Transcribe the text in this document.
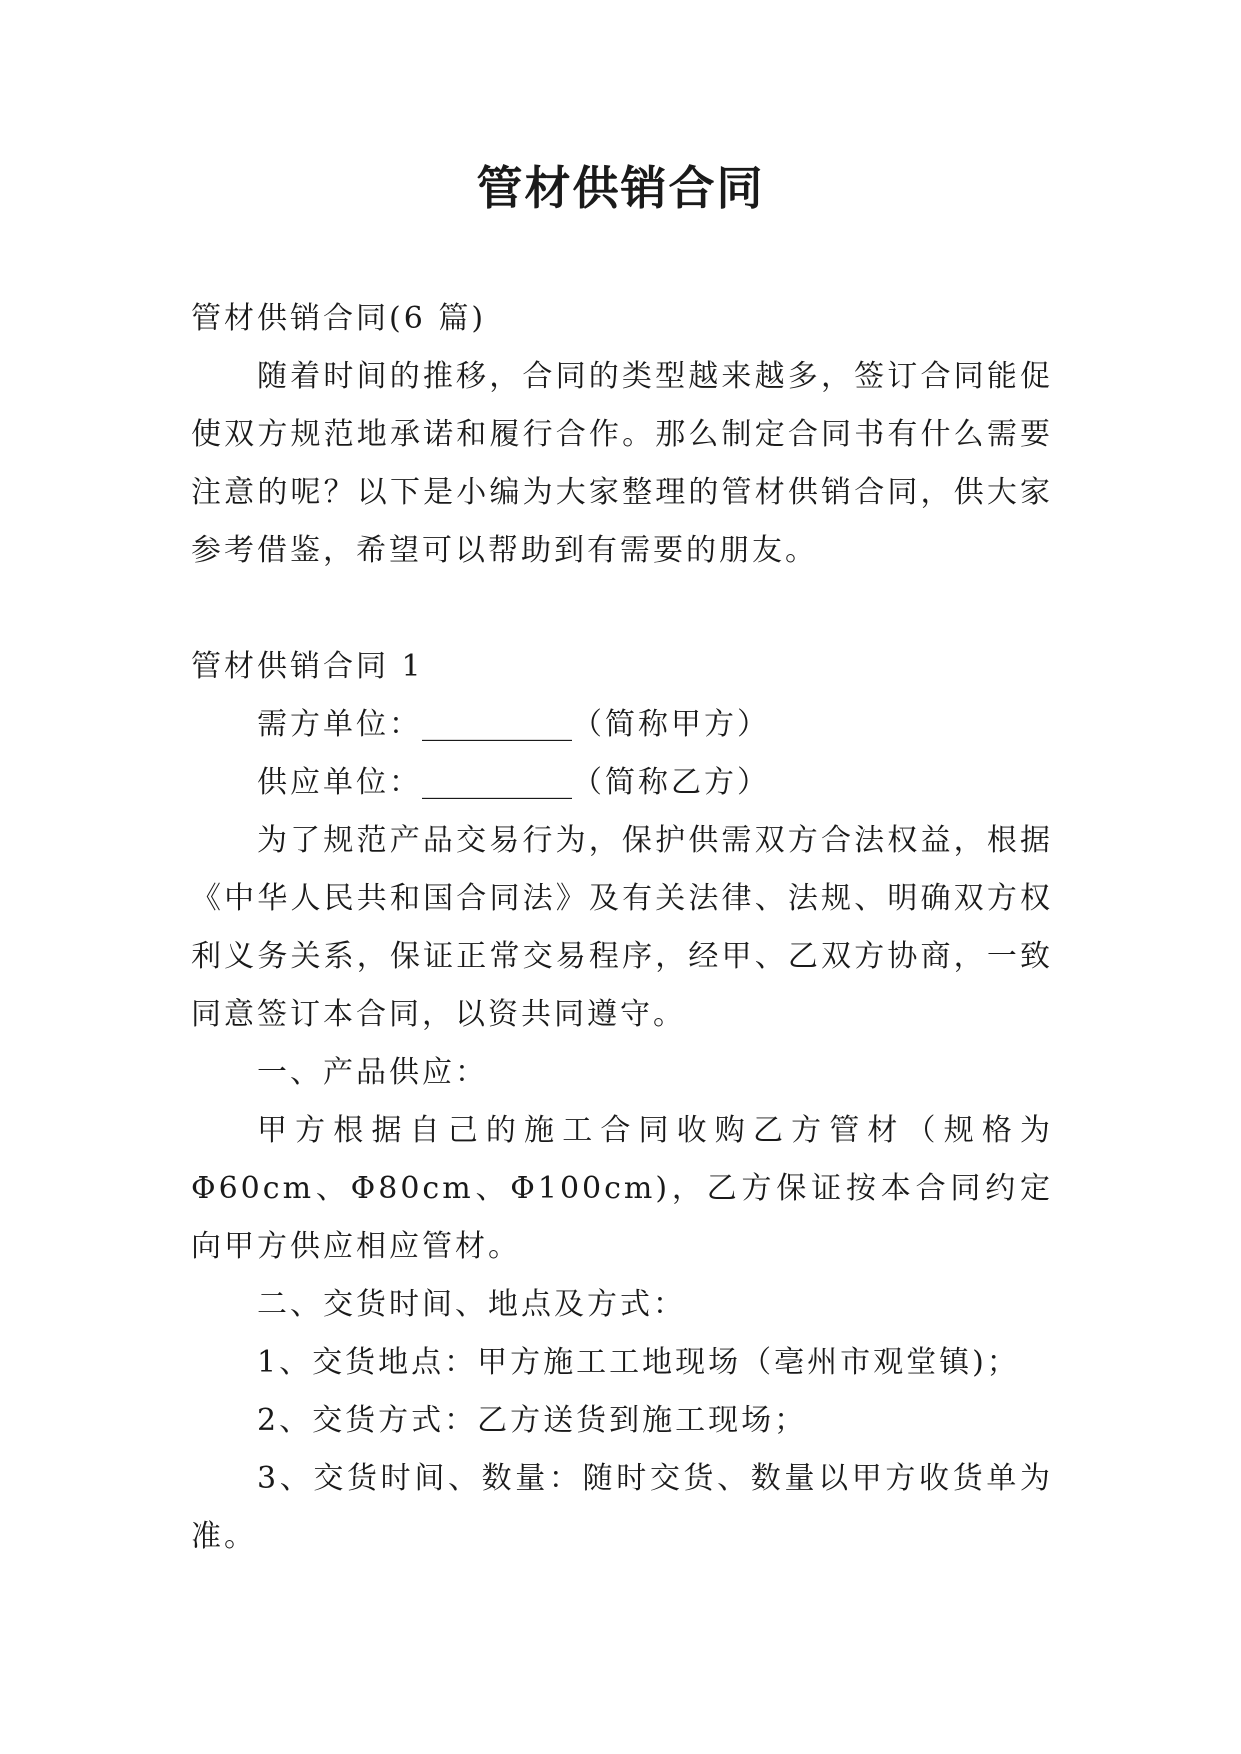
管材供销合同

管材供销合同(6 篇)

随着时间的推移，合同的类型越来越多，签订合同能促使双方规范地承诺和履行合作。那么制定合同书有什么需要注意的呢？以下是小编为大家整理的管材供销合同，供大家参考借鉴，希望可以帮助到有需要的朋友。

管材供销合同 1

需方单位：__________（简称甲方）

供应单位：__________（简称乙方）

为了规范产品交易行为，保护供需双方合法权益，根据《中华人民共和国合同法》及有关法律、法规、明确双方权利义务关系，保证正常交易程序，经甲、乙双方协商，一致同意签订本合同，以资共同遵守。

一、产品供应：

甲方根据自己的施工合同收购乙方管材（规格为Φ60cm、Φ80cm、Φ100cm)，乙方保证按本合同约定向甲方供应相应管材。

二、交货时间、地点及方式：

1、交货地点：甲方施工工地现场（亳州市观堂镇)；

2、交货方式：乙方送货到施工现场；

3、交货时间、数量：随时交货、数量以甲方收货单为准。
